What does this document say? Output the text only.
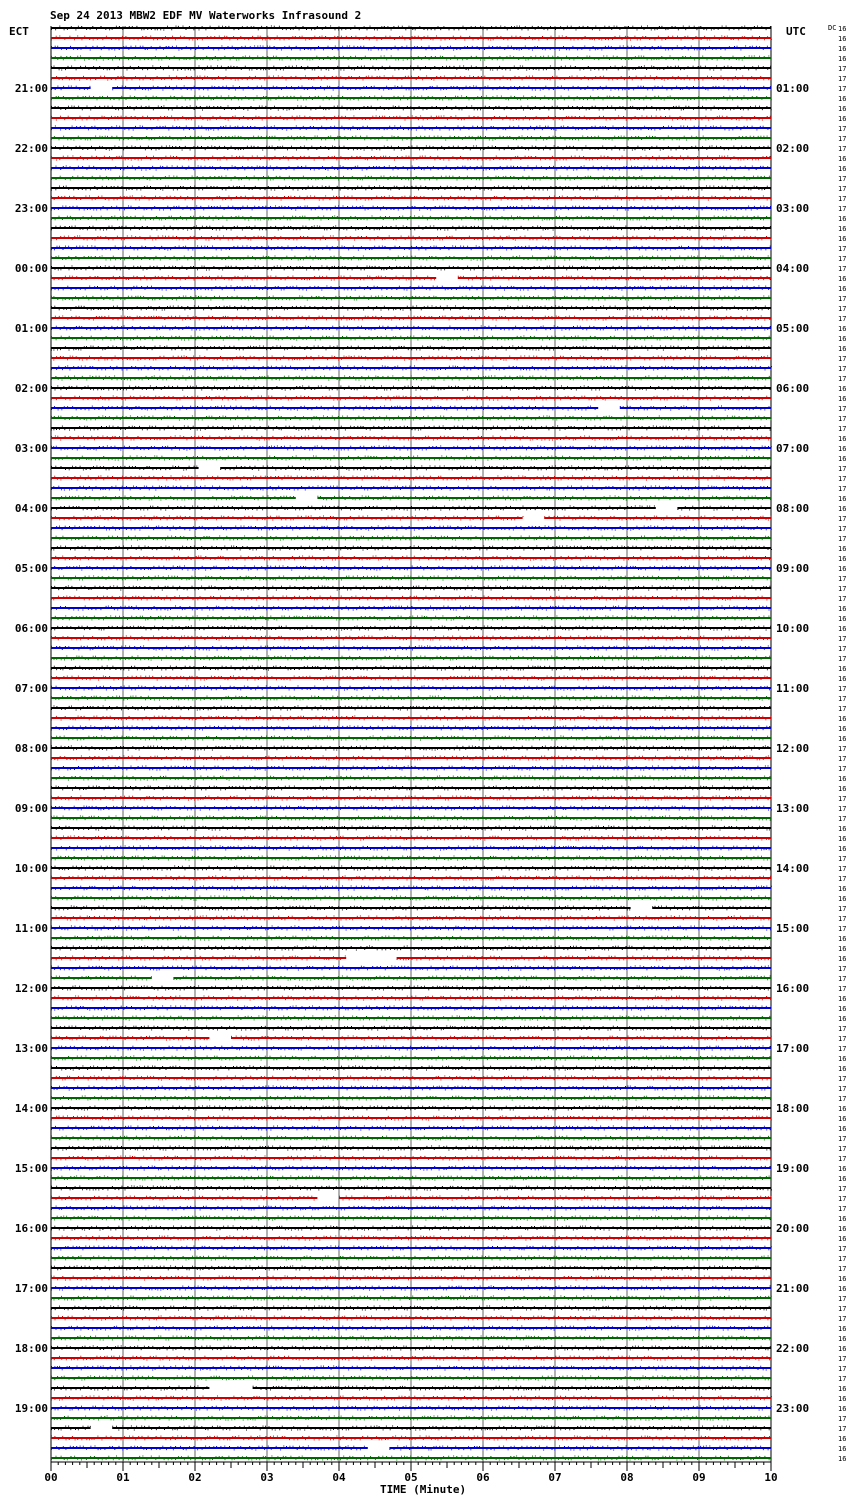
Sep 24 2013 MBW2 EDF MV Waterworks Infrasound 2
ECT	UTC	DC
TIME (Minute)
00	01	02	03	04	05	06	07	08	09	10
21:00
22:00
23:00
00:00
01:00
02:00
03:00
04:00
05:00
06:00
07:00
08:00
09:00
10:00
11:00
12:00
13:00
14:00
15:00
16:00
17:00
18:00
19:00
01:00
02:00
03:00
04:00
05:00
06:00
07:00
08:00
09:00
10:00
11:00
12:00
13:00
14:00
15:00
16:00
17:00
18:00
19:00
20:00
21:00
22:00
23:00
16
16
16
16
17
17
17
16
16
16
17
17
17
16
16
17
17
17
17
16
16
16
17
17
17
16
16
17
17
17
16
16
16
17
17
17
16
16
17
17
17
16
16
16
17
17
17
16
16
17
17
17
16
16
16
17
17
17
16
16
16
17
17
17
16
16
17
17
17
16
16
16
17
17
17
16
16
17
17
17
16
16
16
17
17
17
16
16
17
17
17
16
16
16
17
17
17
16
16
16
17
17
17
16
16
17
17
17
16
16
16
17
17
17
16
16
17
17
17
16
16
16
17
17
17
16
16
17
17
17
16
16
16
17
17
17
16
16
16
17
17
16
16
16
